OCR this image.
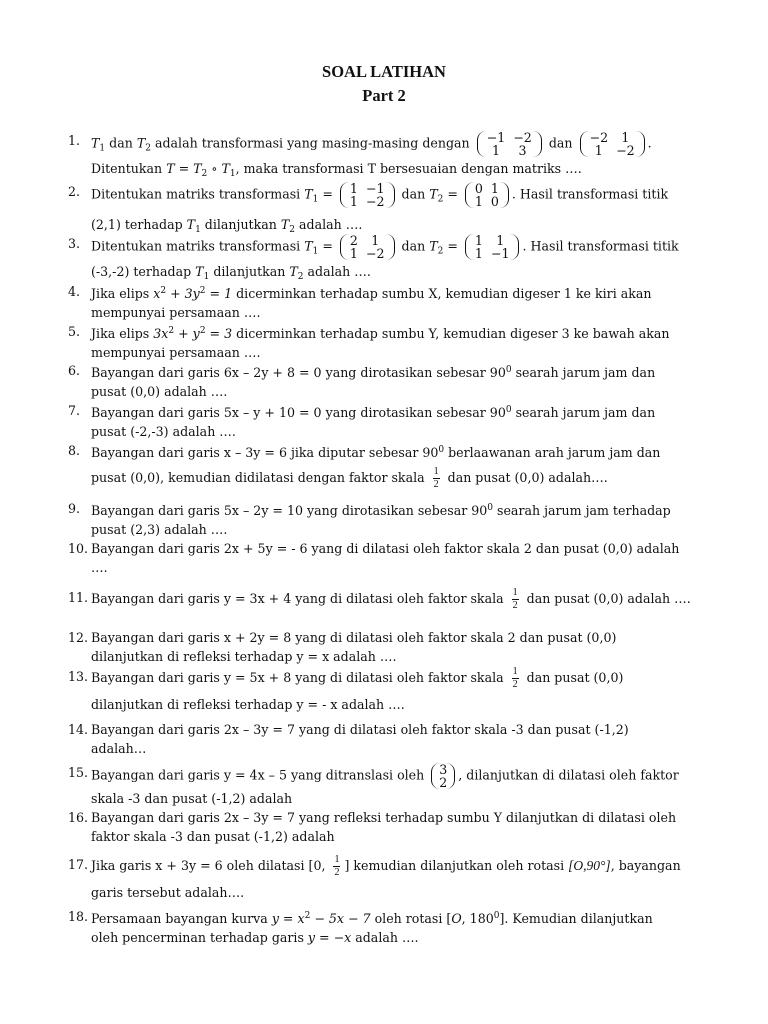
SOAL LATIHAN
Part 2
1. $T_1$ dan $T_2$ adalah transformasi yang masing-masing dengan −1	−2
1	3 dan −2	1
1	−2 .
Ditentukan $T = T_2$ ∘ $T_1$, maka transformasi T bersesuaian dengan matriks ….
2. Ditentukan matriks transformasi $T_1 = 1$	−1
1	−2 dan $T_2 = 0$	1
1	0 . Hasil transformasi titik
(2,1) terhadap $T_1$ dilanjutkan $T_2$ adalah ….
3. Ditentukan matriks transformasi $T_1 = 2$	1
1	−2 dan $T_2 = 1$	1
1	−1 . Hasil transformasi titik
(-3,-2) terhadap $T_1$ dilanjutkan $T_2$ adalah ….
4. Jika elips $x^2 + 3y^2 = 1$ dicerminkan terhadap sumbu X, kemudian digeser 1 ke kiri akan
mempunyai persamaan ….
5. Jika elips $3x^2 + y^2 = 3$ dicerminkan terhadap sumbu Y, kemudian digeser 3 ke bawah akan
mempunyai persamaan ….
6. Bayangan dari garis 6x – 2y + 8 = 0 yang dirotasikan sebesar $90^0$ searah jarum jam dan
pusat (0,0) adalah ….
7. Bayangan dari garis 5x – y + 10 = 0 yang dirotasikan sebesar $90^0$ searah jarum jam dan
pusat (-2,-3) adalah ….
8. Bayangan dari garis x – 3y = 6 jika diputar sebesar $90^0$ berlaawanan arah jarum jam dan
pusat (0,0), kemudian didilatasi dengan faktor skala $\frac{1}{2}$ dan pusat (0,0) adalah….
9. Bayangan dari garis 5x – 2y = 10 yang dirotasikan sebesar $90^0$ searah jarum jam terhadap
pusat (2,3) adalah ….
10. Bayangan dari garis 2x + 5y = - 6 yang di dilatasi oleh faktor skala 2 dan pusat (0,0) adalah
….
11. Bayangan dari garis y = 3x + 4 yang di dilatasi oleh faktor skala $\frac{1}{2}$ dan pusat (0,0) adalah ….
12. Bayangan dari garis x + 2y = 8 yang di dilatasi oleh faktor skala 2 dan pusat (0,0)
dilanjutkan di refleksi terhadap y = x adalah ….
13. Bayangan dari garis y = 5x + 8 yang di dilatasi oleh faktor skala $\frac{1}{2}$ dan pusat (0,0)
dilanjutkan di refleksi terhadap y = - x adalah ….
14. Bayangan dari garis 2x – 3y = 7 yang di dilatasi oleh faktor skala -3 dan pusat (-1,2)
adalah…
15. Bayangan dari garis y = 4x – 5 yang ditranslasi oleh 3
2 , dilanjutkan di dilatasi oleh faktor
skala -3 dan pusat (-1,2) adalah
16. Bayangan dari garis 2x – 3y = 7 yang refleksi terhadap sumbu Y dilanjutkan di dilatasi oleh
faktor skala -3 dan pusat (-1,2) adalah
17. Jika garis x + 3y = 6 oleh dilatasi [0, $\frac{1}{2}$ ] kemudian dilanjutkan oleh rotasi [O,90°], bayangan
garis tersebut adalah….
18. Persamaan bayangan kurva $y = x^2 - 5x - 7$ oleh rotasi [O, $180^0$]. Kemudian dilanjutkan
oleh pencerminan terhadap garis y = −x adalah ….
